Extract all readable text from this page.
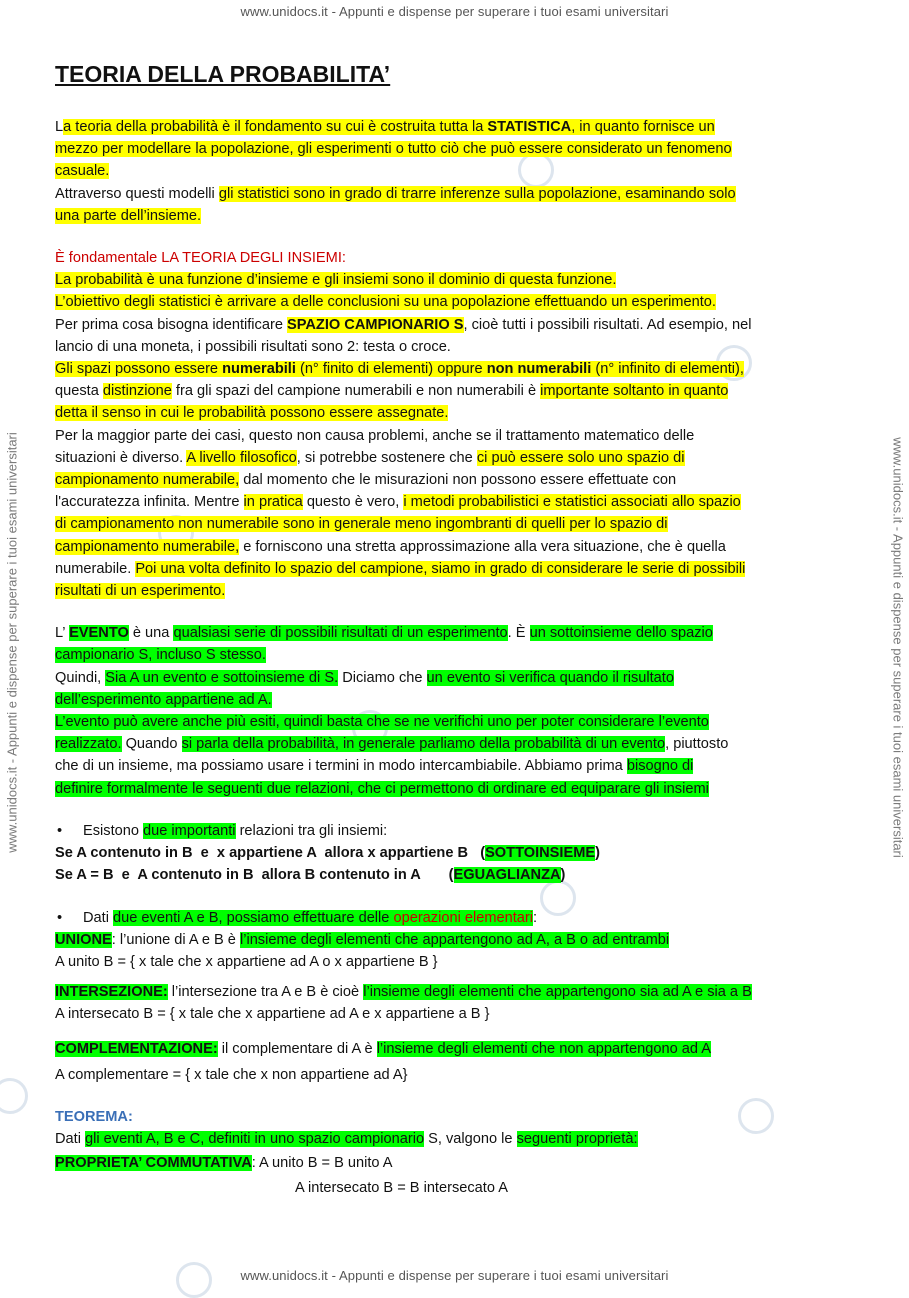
www.unidocs.it - Appunti e dispense per superare i tuoi esami universitari
www.unidocs.it - Appunti e dispense per superare i tuoi esami universitari
www.unidocs.it - Appunti e dispense per superare i tuoi esami universitari	www.unidocs.it - Appunti e dispense per superare i tuoi esami universitari
TEORIA DELLA PROBABILITA’

La teoria della probabilità è il fondamento su cui è costruita tutta la STATISTICA, in quanto fornisce un

mezzo per modellare la popolazione, gli esperimenti o tutto ciò che può essere considerato un fenomeno

casuale.

Attraverso questi modelli gli statistici sono in grado di trarre inferenze sulla popolazione, esaminando solo

una parte dell’insieme.

È fondamentale LA TEORIA DEGLI INSIEMI:

La probabilità è una funzione d’insieme e gli insiemi sono il dominio di questa funzione.

L’obiettivo degli statistici è arrivare a delle conclusioni su una popolazione effettuando un esperimento.

Per prima cosa bisogna identificare SPAZIO CAMPIONARIO S, cioè tutti i possibili risultati. Ad esempio, nel

lancio di una moneta, i possibili risultati sono 2: testa o croce.

Gli spazi possono essere numerabili (n° finito di elementi) oppure non numerabili (n° infinito di elementi),

questa distinzione fra gli spazi del campione numerabili e non numerabili è importante soltanto in quanto

detta il senso in cui le probabilità possono essere assegnate.

Per la maggior parte dei casi, questo non causa problemi, anche se il trattamento matematico delle

situazioni è diverso. A livello filosofico, si potrebbe sostenere che ci può essere solo uno spazio di

campionamento numerabile, dal momento che le misurazioni non possono essere effettuate con

l'accuratezza infinita. Mentre in pratica questo è vero, i metodi probabilistici e statistici associati allo spazio

di campionamento non numerabile sono in generale meno ingombranti di quelli per lo spazio di

campionamento numerabile, e forniscono una stretta approssimazione alla vera situazione, che è quella

numerabile. Poi una volta definito lo spazio del campione, siamo in grado di considerare le serie di possibili

risultati di un esperimento.

L’ EVENTO è una qualsiasi serie di possibili risultati di un esperimento. È un sottoinsieme dello spazio

campionario S, incluso S stesso.

Quindi, Sia A un evento e sottoinsieme di S. Diciamo che un evento si verifica quando il risultato

dell’esperimento appartiene ad A.

L’evento può avere anche più esiti, quindi basta che se ne verifichi uno per poter considerare l’evento

realizzato. Quando si parla della probabilità, in generale parliamo della probabilità di un evento, piuttosto

che di un insieme, ma possiamo usare i termini in modo intercambiabile. Abbiamo prima bisogno di

definire formalmente le seguenti due relazioni, che ci permettono di ordinare ed equiparare gli insiemi

• Esistono due importanti relazioni tra gli insiemi:

Se A contenuto in B  e  x appartiene A  allora x appartiene B   (SOTTOINSIEME)

Se A = B  e  A contenuto in B  allora B contenuto in A       (EGUAGLIANZA)

• Dati due eventi A e B, possiamo effettuare delle operazioni elementari:

UNIONE: l’unione di A e B è l’insieme degli elementi che appartengono ad A, a B o ad entrambi

A unito B = { x tale che x appartiene ad A o x appartiene B }

INTERSEZIONE: l’intersezione tra A e B è cioè l’insieme degli elementi che appartengono sia ad A e sia a B

A intersecato B = { x tale che x appartiene ad A e x appartiene a B }

COMPLEMENTAZIONE: il complementare di A è l’insieme degli elementi che non appartengono ad A

A complementare = { x tale che x non appartiene ad A}

TEOREMA:

Dati gli eventi A, B e C, definiti in uno spazio campionario S, valgono le seguenti proprietà:

PROPRIETA’ COMMUTATIVA: A unito B = B unito A

A intersecato B = B intersecato A
